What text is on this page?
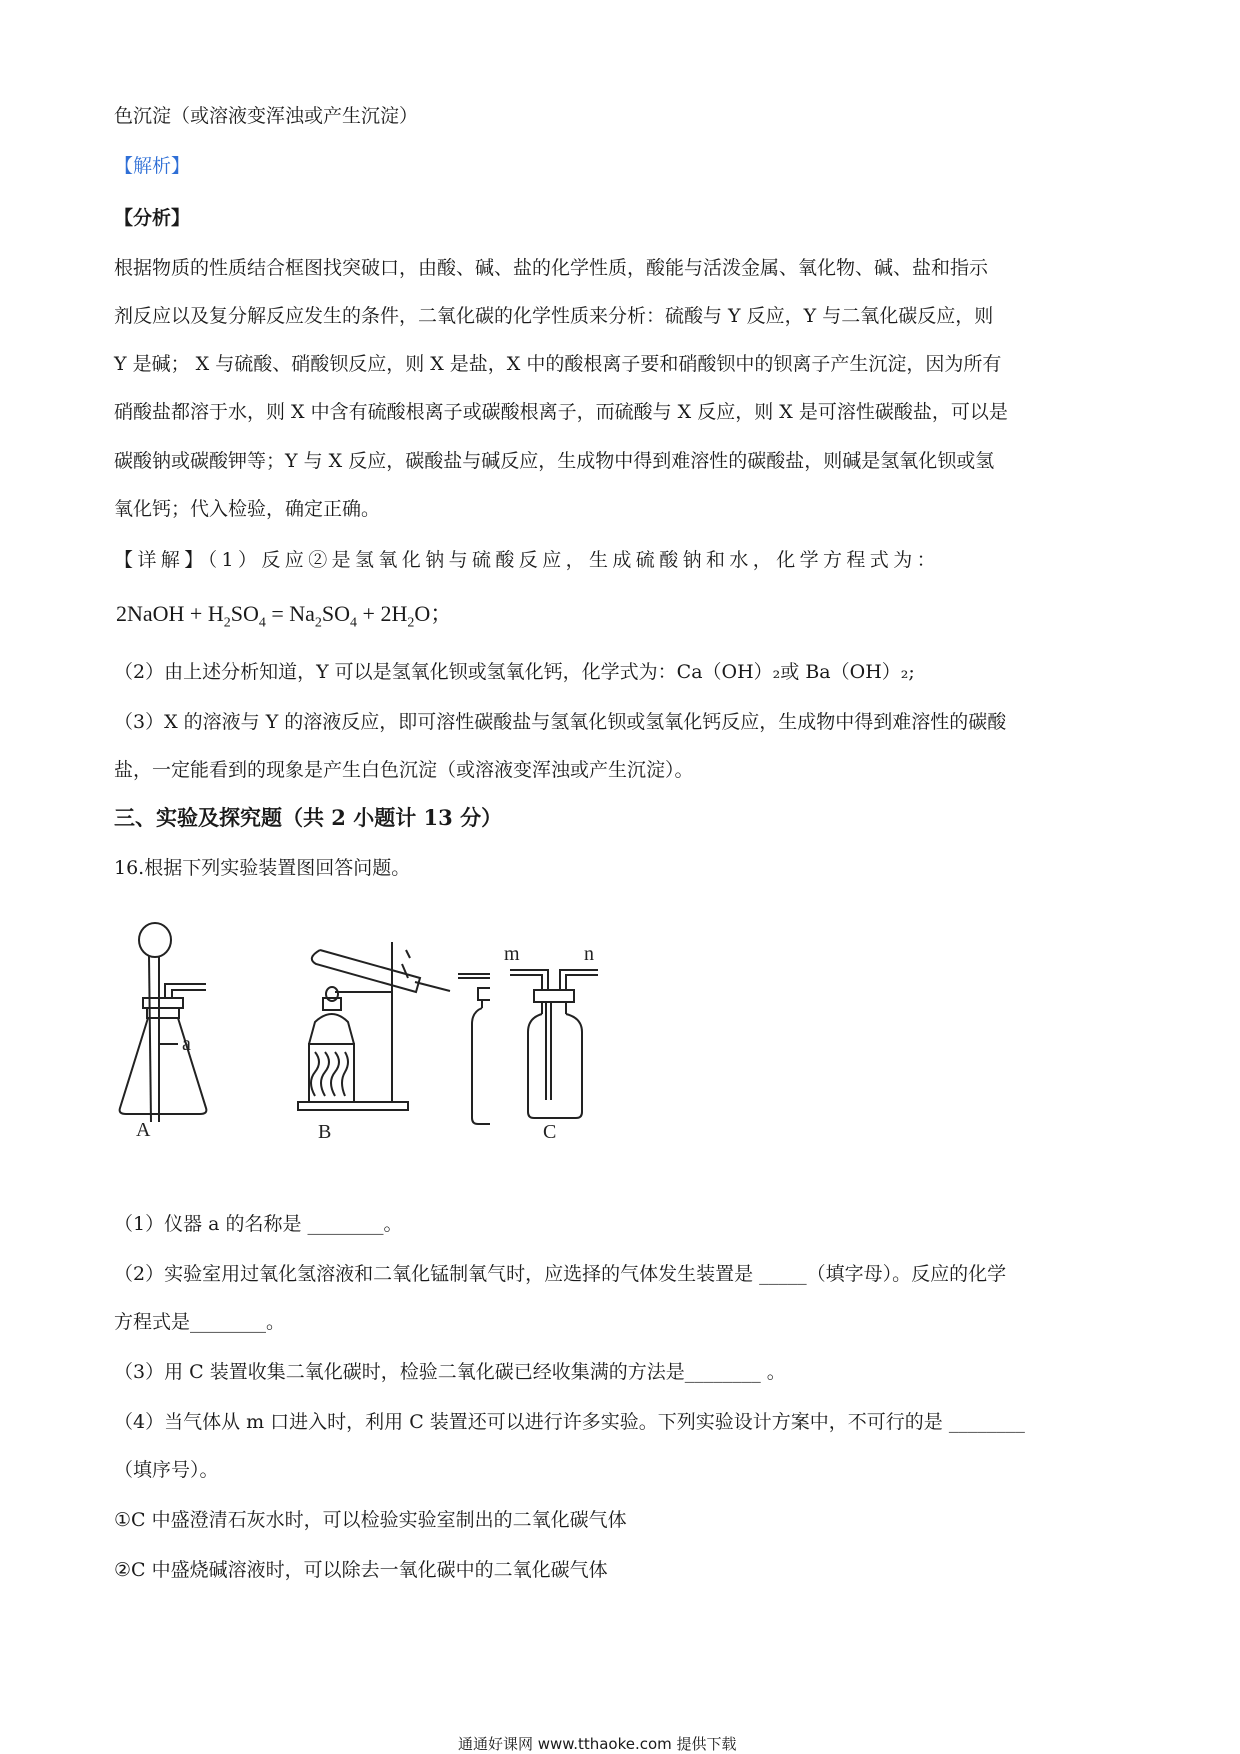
色沉淀（或溶液变浑浊或产生沉淀）
【解析】
【分析】
根据物质的性质结合框图找突破口，由酸、碱、盐的化学性质，酸能与活泼金属、氧化物、碱、盐和指示
剂反应以及复分解反应发生的条件，二氧化碳的化学性质来分析：硫酸与 Y 反应，Y 与二氧化碳反应，则
Y 是碱； X 与硫酸、硝酸钡反应，则 X 是盐，X 中的酸根离子要和硝酸钡中的钡离子产生沉淀，因为所有
硝酸盐都溶于水，则 X 中含有硫酸根离子或碳酸根离子，而硫酸与 X 反应，则 X 是可溶性碳酸盐，可以是
碳酸钠或碳酸钾等；Y 与 X 反应，碳酸盐与碱反应，生成物中得到难溶性的碳酸盐，则碱是氢氧化钡或氢
氧化钙；代入检验，确定正确。
【详解】（1）反应②是氢氧化钠与硫酸反应，生成硫酸钠和水，化学方程式为：
2NaOH + $H_2SO_4 = Na_2SO_4 + 2H_2O$；
（2）由上述分析知道，Y 可以是氢氧化钡或氢氧化钙，化学式为：Ca（OH）₂或 Ba（OH）₂;
（3）X 的溶液与 Y 的溶液反应，即可溶性碳酸盐与氢氧化钡或氢氧化钙反应，生成物中得到难溶性的碳酸
盐，一定能看到的现象是产生白色沉淀（或溶液变浑浊或产生沉淀）。
三、实验及探究题（共 2 小题计 13 分）
16.根据下列实验装置图回答问题。
a
A	B
m	n
C
（1）仪器 a 的名称是 ________。
（2）实验室用过氧化氢溶液和二氧化锰制氧气时，应选择的气体发生装置是 _____（填字母）。反应的化学
方程式是________。
（3）用 C 装置收集二氧化碳时，检验二氧化碳已经收集满的方法是________ 。
（4）当气体从 m 口进入时，利用 C 装置还可以进行许多实验。下列实验设计方案中，不可行的是 ________
（填序号）。
①C 中盛澄清石灰水时，可以检验实验室制出的二氧化碳气体
②C 中盛烧碱溶液时，可以除去一氧化碳中的二氧化碳气体
通通好课网 www.tthaoke.com 提供下载
